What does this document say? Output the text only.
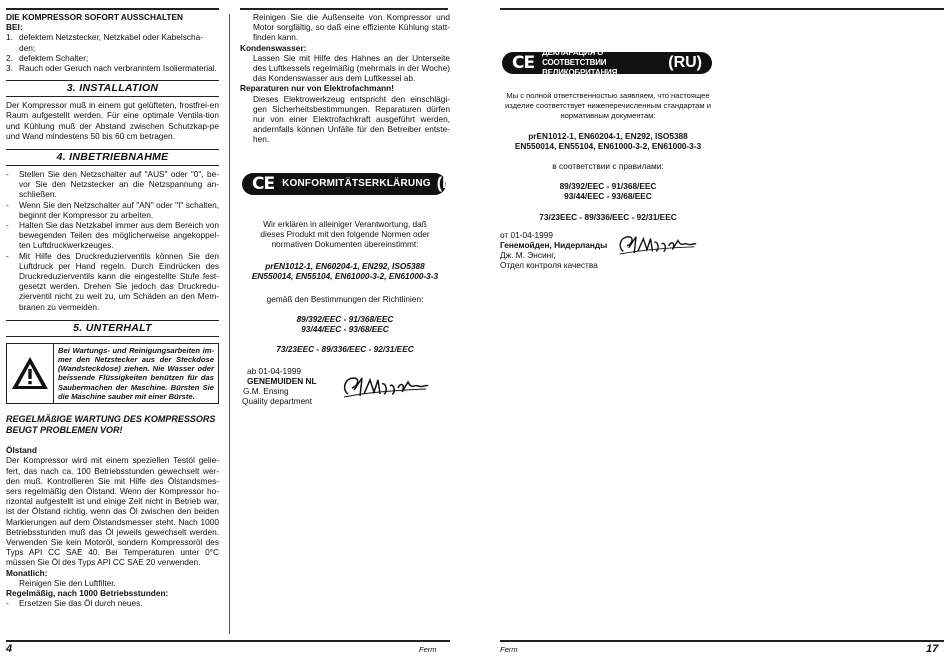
DIE KOMPRESSOR SOFORT AUSSCHALTEN
BEI:
1. defektem Netzstecker, Netzkabel oder Kabelscha-
den;
2. defektem Schalter;
3. Rauch oder Geruch nach verbranntem Isoliermaterial.
3. INSTALLATION

Der Kompressor muß in einem gut gelüfteten, frostfrei-en Raum aufgestellt werden. Für eine optimale Ventila-tion und Kühlung muß der Abstand zwischen Schutzkap-pe und Wand mindestens 50 bis 60 cm betragen.

4. INBETRIEBNAHME
- Stellen Sie den Netzschalter auf "AUS" oder "0", be-vor Sie den Netzstecker an die Netzspannung an-schließen.
- Wenn Sie den Netzschalter auf "AN" oder "I" schalten, beginnt der Kompressor zu arbeiten.
- Halten Sie das Netzkabel immer aus dem Bereich von bewegenden Teilen des möglicherweise angekoppel-ten Luftdruckwerkzeuges.
- Mit Hilfe des Druckreduzierventils können Sie den Luftdruck per Hand regeln. Durch Eindrücken des Druckreduzierventils kann die eingestellte Stufe fest-gesetzt werden. Drehen Sie jedoch das Druckredu-zierventil nicht zu weit zu, um Schäden an den Mem-branen zu vermeiden.
5. UNTERHALT
Bei Wartungs- und Reinigungsarbeiten im-mer den Netzstecker aus der Steckdose (Wandsteckdose) ziehen. Nie Wasser oder beissende Flüssigkeiten benützen für das Saubermachen der Maschine. Bürsten Sie die Maschine sauber mit einer Bürste.
REGELMÄßIGE WARTUNG DES KOMPRESSORS BEUGT PROBLEMEN VOR!
Ölstand

Der Kompressor wird mit einem speziellen Testöl gelie-fert, das nach ca. 100 Betriebsstunden gewechselt wer-den muß. Kontrollieren Sie mit Hilfe des Ölstandsmes-sers regelmäßig den Ölstand. Wenn der Kompressor ho-rizontal aufgestellt ist und einige Zeit nicht in Betrieb war, ist der Ölstand richtig, wenn das Öl zwischen den beiden Markierungen auf dem Ölstandsmesser steht. Nach 1000 Betriebsstunden muß das Öl jeweils gewechselt werden. Verwenden Sie kein Motoröl, sondern Kompressoröl des Typs API CC SAE 40. Bei Temperaturen unter 0°C müssen Sie Öl des Typs API CC SAE 20 verwenden.

Monatlich:

Reinigen Sie den Luftfilter.

Regelmäßig, nach 1000 Betriebsstunden:
- Ersetzen Sie das Öl durch neues.

Reinigen Sie die Außenseite von Kompressor und Motor sorgfältig, so daß eine effiziente Kühlung statt-finden kann.

Kondenswasser:

Lassen Sie mit Hilfe des Hahnes an der Unterseite des Luftkessels regelmäßig (mehrmals in der Woche) das Kondenswasser aus dem Luftkessel ab.

Reparaturen nur von Elektrofachmann!

Dieses Elektrowerkzeug entspricht den einschlägi-gen Sicherheitsbestimmungen. Reparaturen dürfen nur von einer Elektrofachkraft ausgeführt werden, andernfalls können Unfälle für den Betreiber entste-hen.

CE KONFORMITÄTSERKLÄRUNG (D)

Wir erklären in alleiniger Verantwortung, daß dieses Produkt mit den folgende Normen oder normativen Dokumenten übereinstimmt:

prEN1012-1, EN60204-1, EN292, ISO5388
EN550014, EN55104, EN61000-3-2, EN61000-3-3
gemäß den Bestimmungen der Richtlinien:
89/392/EEC - 91/368/EEC
93/44/EEC - 93/68/EEC
73/23EEC - 89/336/EEC - 92/31/EEC
ab 01-04-1999
GENEMUIDEN NL
G.M. Ensing
Quality department
4	Ferm
CE
ДЕКЛАРАЦИЯ О СООТВЕТСТВИИ ВЕЛИКОБРИТАНИЯ
(RU)

Мы с полной ответственностью заявляем, что настоящее изделие соответствует нижеперечисленным стандартам и нормативным документам:

prEN1012-1, EN60204-1, EN292, ISO5388
EN550014, EN55104, EN61000-3-2, EN61000-3-3
в соответствии с правилами:
89/392/EEC - 91/368/EEC
93/44/EEC - 93/68/EEC
73/23EEC - 89/336/EEC - 92/31/EEC
от 01-04-1999
Генемойден, Нидерланды
Дж. М. Энсинг,
Отдел контроля качества
Ferm	17
